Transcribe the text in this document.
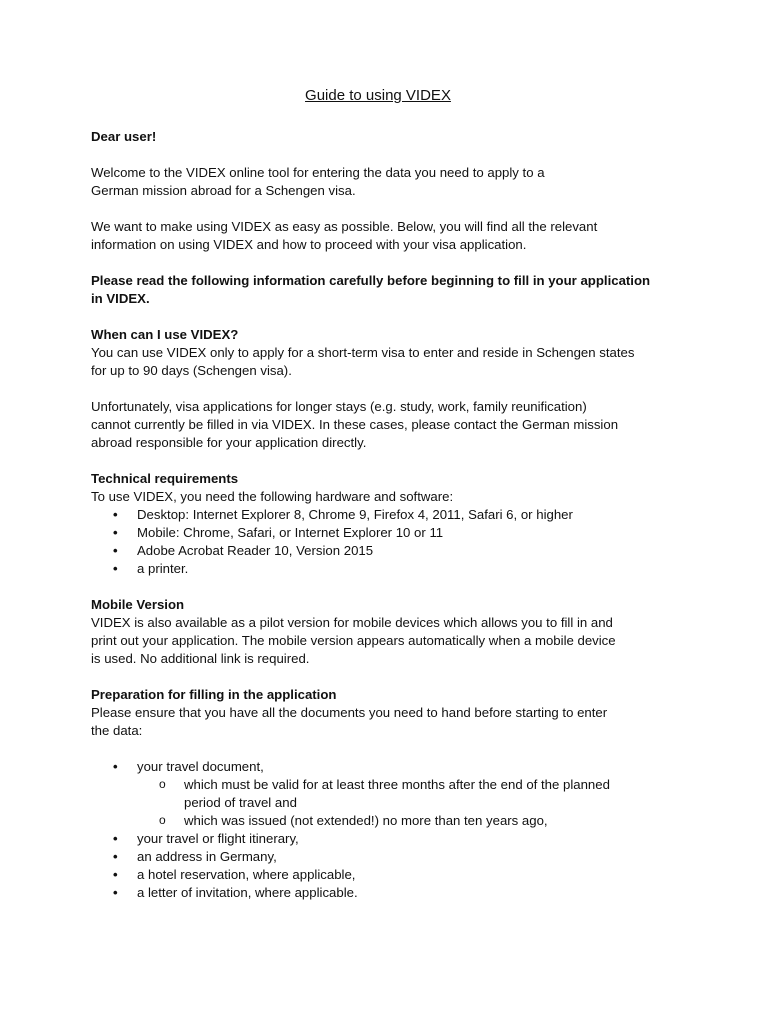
Guide to using VIDEX

Dear user!

Welcome to the VIDEX online tool for entering the data you need to apply to a
German mission abroad for a Schengen visa.

We want to make using VIDEX as easy as possible. Below, you will find all the relevant
information on using VIDEX and how to proceed with your visa application.

Please read the following information carefully before beginning to fill in your application
in VIDEX.

When can I use VIDEX?
You can use VIDEX only to apply for a short-term visa to enter and reside in Schengen states
for up to 90 days (Schengen visa).

Unfortunately, visa applications for longer stays (e.g. study, work, family reunification)
cannot currently be filled in via VIDEX. In these cases, please contact the German mission
abroad responsible for your application directly.

Technical requirements
To use VIDEX, you need the following hardware and software:
• Desktop: Internet Explorer 8, Chrome 9, Firefox 4, 2011, Safari 6, or higher
• Mobile: Chrome, Safari, or Internet Explorer 10 or 11
• Adobe Acrobat Reader 10, Version 2015
• a printer.

Mobile Version
VIDEX is also available as a pilot version for mobile devices which allows you to fill in and
print out your application. The mobile version appears automatically when a mobile device
is used. No additional link is required.

Preparation for filling in the application
Please ensure that you have all the documents you need to hand before starting to enter
the data:

• your travel document,
o which must be valid for at least three months after the end of the planned
period of travel and
o which was issued (not extended!) no more than ten years ago,
• your travel or flight itinerary,
• an address in Germany,
• a hotel reservation, where applicable,
• a letter of invitation, where applicable.
